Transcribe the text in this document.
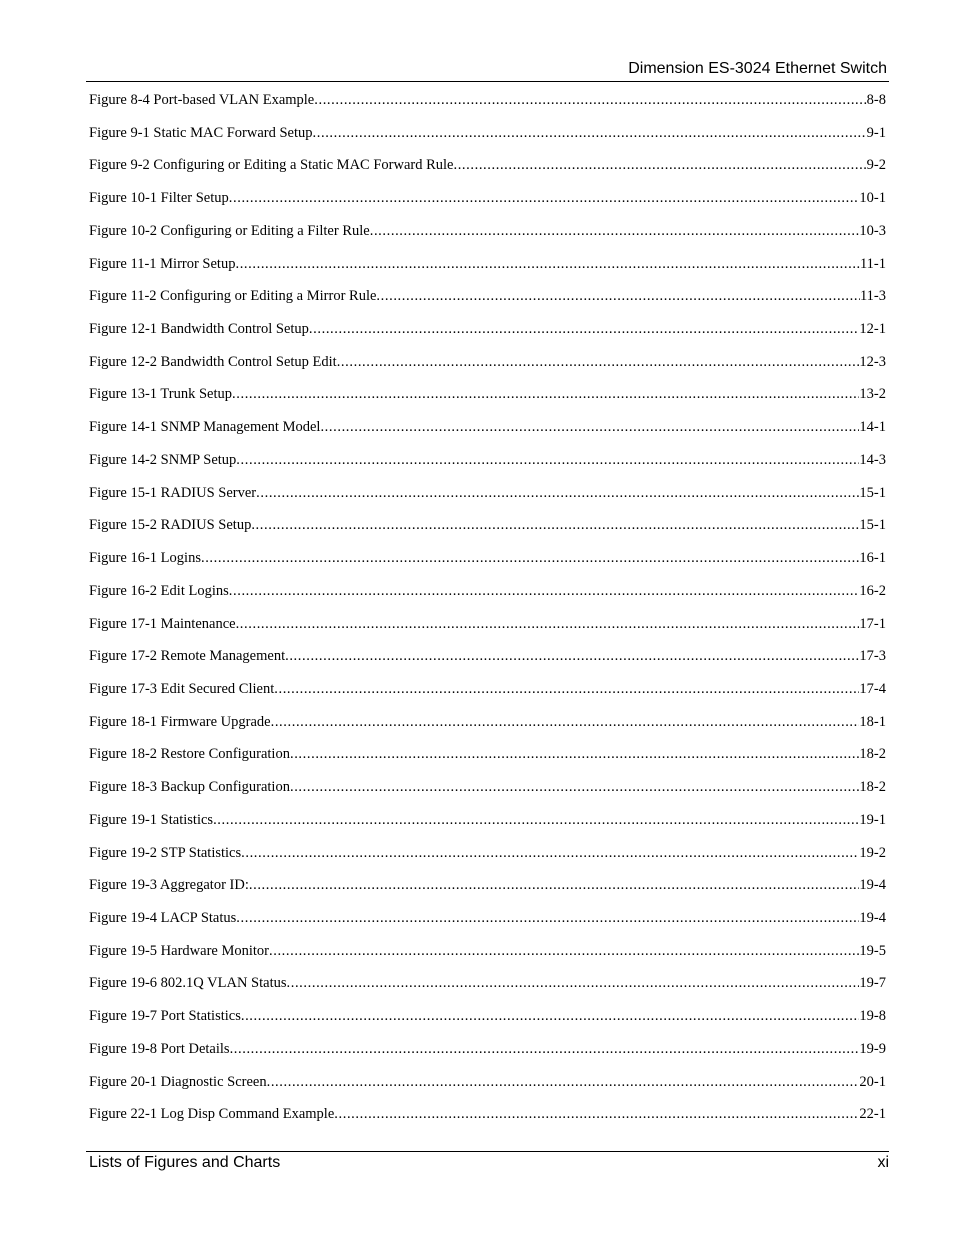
Dimension ES-3024 Ethernet Switch
Figure 8-4 Port-based VLAN Example .....	8-8
Figure 9-1 Static MAC Forward Setup .....	9-1
Figure 9-2 Configuring or Editing a Static MAC Forward Rule .....	9-2
Figure 10-1 Filter Setup .....	10-1
Figure 10-2 Configuring or Editing a Filter Rule .....	10-3
Figure 11-1 Mirror Setup .....	11-1
Figure 11-2 Configuring or Editing a Mirror Rule .....	11-3
Figure 12-1 Bandwidth Control Setup .....	12-1
Figure 12-2 Bandwidth Control Setup Edit .....	12-3
Figure 13-1 Trunk Setup .....	13-2
Figure 14-1 SNMP Management Model .....	14-1
Figure 14-2 SNMP Setup .....	14-3
Figure 15-1 RADIUS Server .....	15-1
Figure 15-2 RADIUS Setup .....	15-1
Figure 16-1 Logins .....	16-1
Figure 16-2 Edit Logins .....	16-2
Figure 17-1 Maintenance .....	17-1
Figure 17-2 Remote Management .....	17-3
Figure 17-3 Edit Secured Client .....	17-4
Figure 18-1 Firmware Upgrade .....	18-1
Figure 18-2 Restore Configuration .....	18-2
Figure 18-3 Backup Configuration .....	18-2
Figure 19-1 Statistics .....	19-1
Figure 19-2 STP Statistics .....	19-2
Figure 19-3 Aggregator ID: .....	19-4
Figure 19-4 LACP Status .....	19-4
Figure 19-5 Hardware Monitor .....	19-5
Figure 19-6 802.1Q VLAN Status .....	19-7
Figure 19-7 Port Statistics .....	19-8
Figure 19-8 Port Details .....	19-9
Figure 20-1 Diagnostic Screen .....	20-1
Figure 22-1 Log Disp Command Example .....	22-1
Lists of Figures and Charts	xi
